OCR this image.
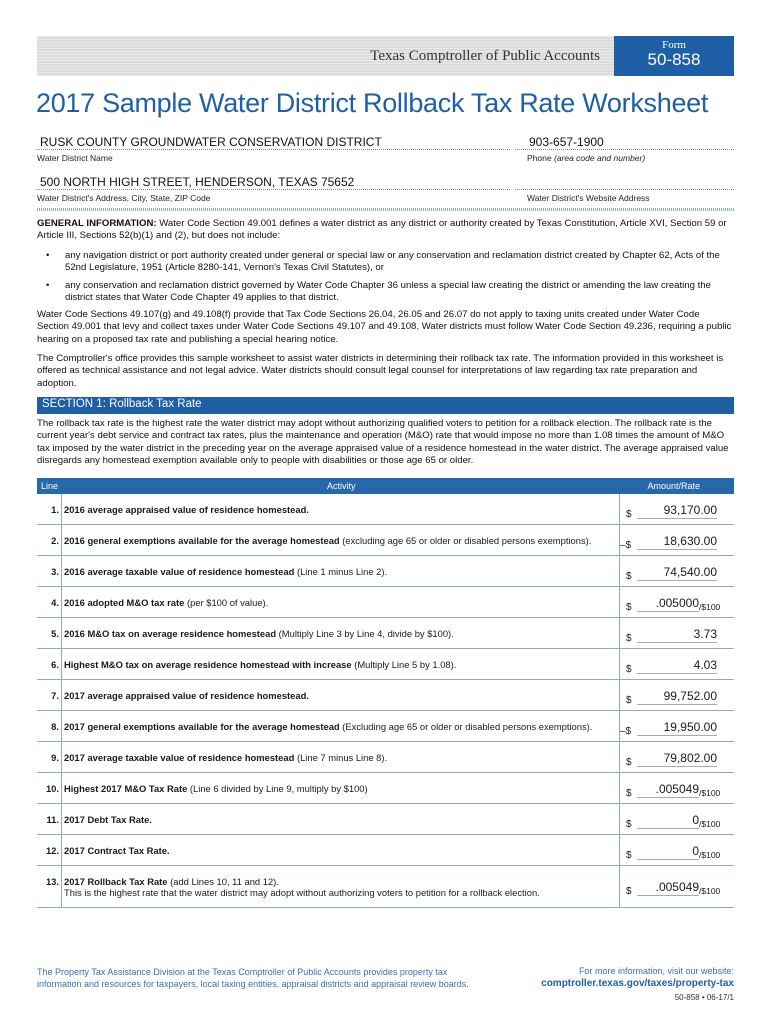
Texas Comptroller of Public Accounts
Form
50-858
2017 Sample Water District Rollback Tax Rate Worksheet
RUSK COUNTY GROUNDWATER CONSERVATION DISTRICT
Water District Name
903-657-1900
Phone (area code and number)
500 NORTH HIGH STREET, HENDERSON, TEXAS 75652
Water District's Address, City, State, ZIP Code	Water District's Website Address
GENERAL INFORMATION: Water Code Section 49.001 defines a water district as any district or authority created by Texas Constitution, Article XVI, Section 59 or Article III, Sections 52(b)(1) and (2), but does not include:
• any navigation district or port authority created under general or special law or any conservation and reclamation district created by Chapter 62, Acts of the 52nd Legislature, 1951 (Article 8280-141, Vernon's Texas Civil Statutes), or
• any conservation and reclamation district governed by Water Code Chapter 36 unless a special law creating the district or amending the law creating the district states that Water Code Chapter 49 applies to that district.
Water Code Sections 49.107(g) and 49.108(f) provide that Tax Code Sections 26.04, 26.05 and 26.07 do not apply to taxing units created under Water Code Section 49.001 that levy and collect taxes under Water Code Sections 49.107 and 49.108. Water districts must follow Water Code Section 49.236, requiring a public hearing on a proposed tax rate and publishing a special hearing notice.
The Comptroller's office provides this sample worksheet to assist water districts in determining their rollback tax rate. The information provided in this worksheet is offered as technical assistance and not legal advice. Water districts should consult legal counsel for interpretations of law regarding tax rate preparation and adoption.
SECTION 1: Rollback Tax Rate
The rollback tax rate is the highest rate the water district may adopt without authorizing qualified voters to petition for a rollback election. The rollback rate is the current year's debt service and contract tax rates, plus the maintenance and operation (M&O) rate that would impose no more than 1.08 times the amount of M&O tax imposed by the water district in the preceding year on the average appraised value of a residence homestead in the water district. The average appraised value disregards any homestead exemption available only to people with disabilities or those age 65 or older.
Line	Activity	Amount/Rate
1. 2016 average appraised value of residence homestead.	$	93,170.00
2. 2016 general exemptions available for the average homestead (excluding age 65 or older or disabled persons exemptions).	–$	18,630.00
3. 2016 average taxable value of residence homestead (Line 1 minus Line 2).	$	74,540.00
4. 2016 adopted M&O tax rate (per $100 of value).	$	.005000 /$100
5. 2016 M&O tax on average residence homestead (Multiply Line 3 by Line 4, divide by $100).	$	3.73
6. Highest M&O tax on average residence homestead with increase (Multiply Line 5 by 1.08).	$	4.03
7. 2017 average appraised value of residence homestead.	$	99,752.00
8. 2017 general exemptions available for the average homestead (Excluding age 65 or older or disabled persons exemptions).	–$	19,950.00
9. 2017 average taxable value of residence homestead (Line 7 minus Line 8).	$	79,802.00
10. Highest 2017 M&O Tax Rate (Line 6 divided by Line 9, multiply by $100)	$	.005049 /$100
11. 2017 Debt Tax Rate.	$	0 /$100
12. 2017 Contract Tax Rate.	$	0 /$100
13. 2017 Rollback Tax Rate (add Lines 10, 11 and 12).
This is the highest rate that the water district may adopt without authorizing voters to petition for a rollback election.	$	.005049 /$100
The Property Tax Assistance Division at the Texas Comptroller of Public Accounts provides property tax information and resources for taxpayers, local taxing entities, appraisal districts and appraisal review boards.
For more information, visit our website:
comptroller.texas.gov/taxes/property-tax
50-858 • 06-17/1
